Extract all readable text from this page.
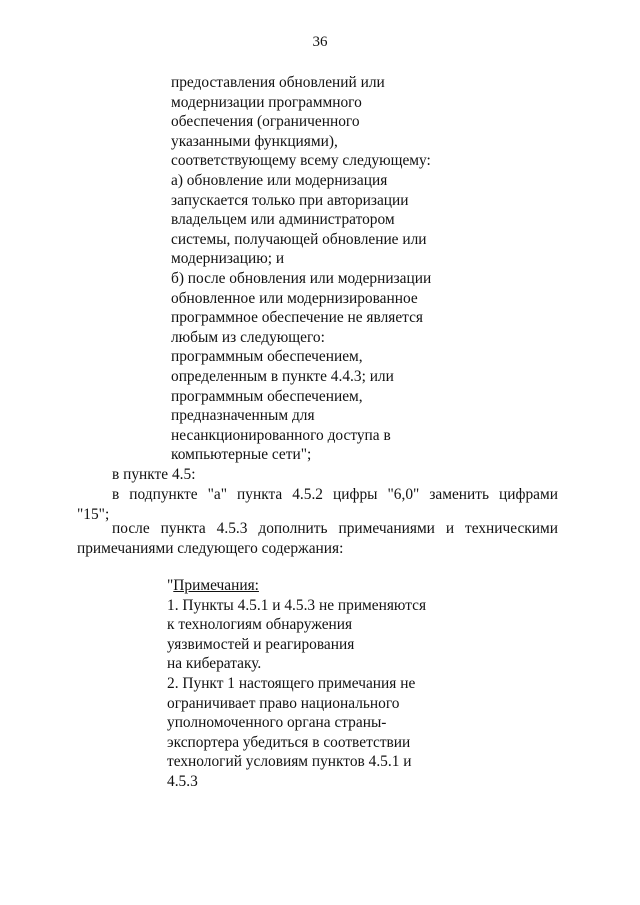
36
предоставления обновлений или
модернизации программного
обеспечения (ограниченного
указанными функциями),
соответствующему всему следующему:
а) обновление или модернизация
запускается только при авторизации
владельцем или администратором
системы, получающей обновление или
модернизацию; и
б) после обновления или модернизации
обновленное или модернизированное
программное обеспечение не является
любым из следующего:
программным обеспечением,
определенным в пункте 4.4.3; или
программным обеспечением,
предназначенным для
несанкционированного доступа в
компьютерные сети";
в пункте 4.5:
в подпункте "а" пункта 4.5.2 цифры "6,0" заменить цифрами
"15";
после пункта 4.5.3 дополнить примечаниями и техническими
примечаниями следующего содержания:
"Примечания:
1. Пункты 4.5.1 и 4.5.3 не применяются
к технологиям обнаружения
уязвимостей и реагирования
на кибератаку.
2. Пункт 1 настоящего примечания не
ограничивает право национального
уполномоченного органа страны-
экспортера убедиться в соответствии
технологий условиям пунктов 4.5.1 и
4.5.3
